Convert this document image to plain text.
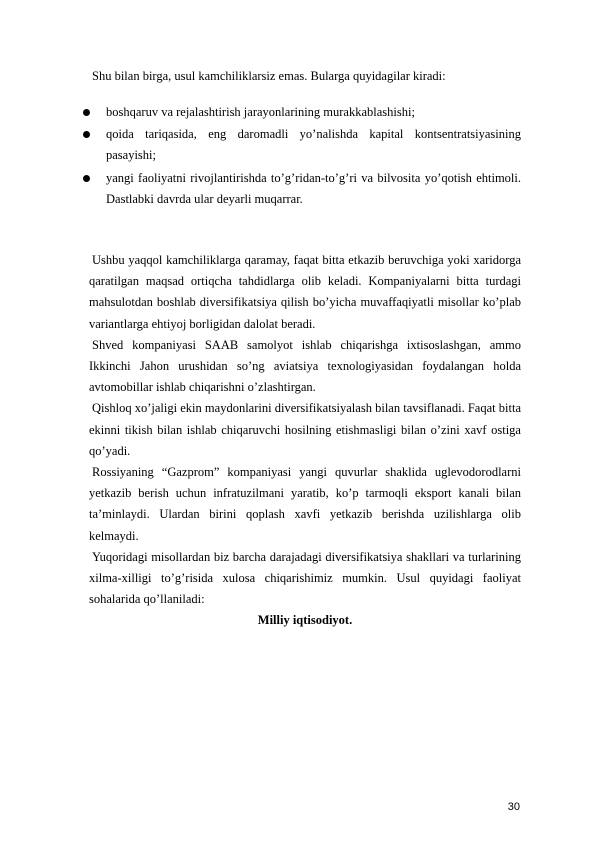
Shu bilan birga, usul kamchiliklarsiz emas. Bularga quyidagilar kiradi:

boshqaruv va rejalashtirish jarayonlarining murakkablashishi;
qoida tariqasida, eng daromadli yo’nalishda kapital kontsentratsiyasining pasayishi;
yangi faoliyatni rivojlantirishda to’g’ridan-to’g’ri va bilvosita yo’qotish ehtimoli. Dastlabki davrda ular deyarli muqarrar.

Ushbu yaqqol kamchiliklarga qaramay, faqat bitta etkazib beruvchiga yoki xaridorga qaratilgan maqsad ortiqcha tahdidlarga olib keladi. Kompaniyalarni bitta turdagi mahsulotdan boshlab diversifikatsiya qilish bo’yicha muvaffaqiyatli misollar ko’plab variantlarga ehtiyoj borligidan dalolat beradi.

Shved kompaniyasi SAAB samolyot ishlab chiqarishga ixtisoslashgan, ammo Ikkinchi Jahon urushidan so’ng aviatsiya texnologiyasidan foydalangan holda avtomobillar ishlab chiqarishni o’zlashtirgan.

Qishloq xo’jaligi ekin maydonlarini diversifikatsiyalash bilan tavsiflanadi. Faqat bitta ekinni tikish bilan ishlab chiqaruvchi hosilning etishmasligi bilan o’zini xavf ostiga qo’yadi.

Rossiyaning “Gazprom” kompaniyasi yangi quvurlar shaklida uglevodorodlarni yetkazib berish uchun infratuzilmani yaratib, ko’p tarmoqli eksport kanali bilan ta’minlaydi. Ulardan birini qoplash xavfi yetkazib berishda uzilishlarga olib kelmaydi.

Yuqoridagi misollardan biz barcha darajadagi diversifikatsiya shakllari va turlarining xilma-xilligi to’g’risida xulosa chiqarishimiz mumkin. Usul quyidagi faoliyat sohalarida qo’llaniladi:

Milliy iqtisodiyot.

30
